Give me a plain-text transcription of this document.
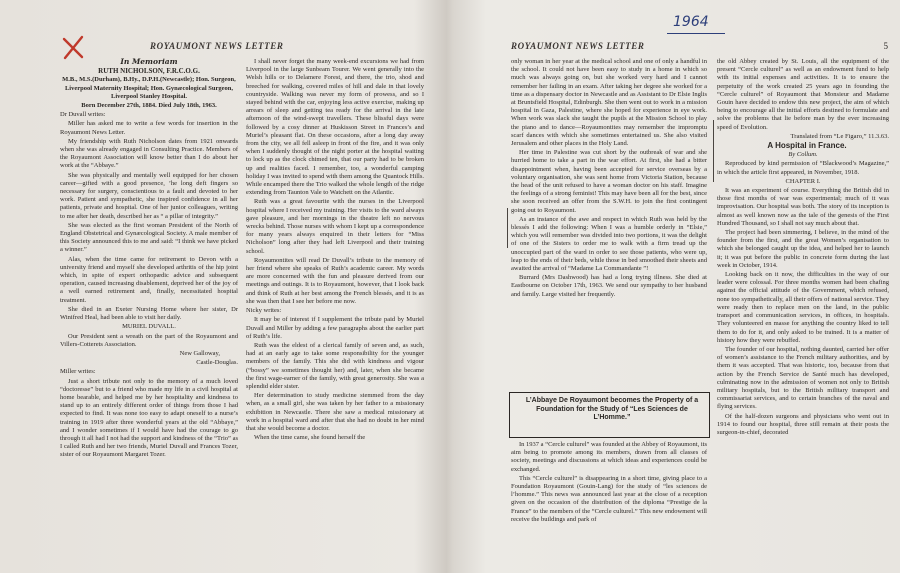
ROYAUMONT NEWS LETTER

In Memoriam

RUTH NICHOLSON, F.R.C.O.G.

M.B., M.S.(Durham), B.Hy., D.P.H.(Newcastle); Hon. Surgeon, Liverpool Maternity Hospital; Hon. Gynæcological Surgeon, Liverpool Stanley Hospital.

Born December 27th, 1884. Died July 18th, 1963.

Dr Duvall writes:

Miller has asked me to write a few words for insertion in the Royaumont News Letter.

My friendship with Ruth Nicholson dates from 1921 onwards when she was already engaged in Consulting Practice. Members of the Royaumont Association will know better than I do about her work at the “Abbaye.”

She was physically and mentally well equipped for her chosen career—gifted with a good presence, ’he long deft fingers so necessary for surgery, conscientious to a fault and devoted to her work. Patient and sympathetic, she inspired confidence in all her patients, private and hospital. One of her junior colleagues, writing to me after her death, described her as “ a pillar of integrity.”

She was elected as the first woman President of the North of England Obstetrical and Gynæcological Society. A male member of this Society announced this to me and said: “I think we have picked a winner.”

Alas, when the time came for retirement to Devon with a university friend and myself she developed arthritis of the hip joint which, in spite of expert orthopædic advice and subsequent operation, caused increasing disablement, deprived her of the joy of a well earned retirement and, finally, necessitated hospital treatment.

She died in an Exeter Nursing Home where her sister, Dr Winifred Heal, had been able to visit her daily.

MURIEL DUVALL.

Our President sent a wreath on the part of the Royaumont and Villers-Cotterets Association.

New Galloway,

Castle-Douglas.

Miller writes:

Just a short tribute not only to the memory of a much loved “doctoresse” but to a friend who made my life in a civil hospital at home bearable, and helped me by her hospitality and kindness to stand up to an entirely different order of things from those I had expected to find. It was none too easy to adapt oneself to a nurse’s training in 1919 after three wonderful years at the old “Abbaye,” and I wonder sometimes if I would have had the courage to go through it all had I not had the support and kindness of the “Trio” as I called Ruth and her two friends, Muriel Duvall and Frances Tozer, sister of our Royaumont Margaret Tozer.

I shall never forget the many week-end excursions we had from Liverpool in the large Sunbeam Tourer. We went generally into the Welsh hills or to Delamere Forest, and there, the trio, shod and breeched for walking, covered miles of hill and dale in that lovely countryside. Walking was never my form of prowess, and so I stayed behind with the car, enjoying less active exercise, making up arrears of sleep and getting tea ready for the arrival in the late afternoon of the wind-swept travellers. These blissful days were followed by a cosy dinner at Huskisson Street in Frances’s and Muriel’s pleasant flat. On these occasions, after a long day away from the city, we all fell asleep in front of the fire, and it was only when I suddenly thought of the night porter at the hospital waiting to lock up as the clock chimed ten, that our party had to be broken up and realities faced. I remember, too, a wonderful camping holiday I was invited to spend with them among the Quantock Hills. While encamped there the Trio walked the whole length of the ridge extending from Taunton Vale to Watchett on the Atlantic.

Ruth was a great favourite with the nurses in the Liverpool hospital where I received my training. Her visits to the ward always gave pleasure, and her mornings in the theatre left no nervous wrecks behind. Those nurses with whom I kept up a correspondence for many years always enquired in their letters for “Miss Nicholson” long after they had left Liverpool and their training school.

Royaumontites will read Dr Duvall’s tribute to the memory of her friend where she speaks of Ruth’s academic career. My words are more concerned with the fun and pleasure derived from our meetings and outings. It is to Royaumont, however, that I look back and think of Ruth at her best among the French blessés, and it is as she was then that I see her before me now.

Nicky writes:

It may be of interest if I supplement the tribute paid by Muriel Duvall and Miller by adding a few paragraphs about the earlier part of Ruth’s life.

Ruth was the eldest of a clerical family of seven and, as such, had at an early age to take some responsibility for the younger members of the family. This she did with kindness and vigour (“bossy” we sometimes thought her) and, later, when she became the first wage-earner of the family, with great generosity. She was a splendid elder sister.

Her determination to study medicine stemmed from the day when, as a small girl, she was taken by her father to a missionary exhibition in Newcastle. There she saw a medical missionary at work in a hospital ward and after that she had no doubt in her mind that she would become a doctor.

When the time came, she found herself the

1964
ROYAUMONT NEWS LETTER	5

only woman in her year at the medical school and one of only a handful in the school. It could not have been easy to study in a home in which so much was always going on, but she worked very hard and I cannot remember her failing in an exam. After taking her degree she worked for a time as a dispensary doctor in Newcastle and as Assistant to Dr Elsie Inglis at Bruntsfield Hospital, Edinburgh. She then went out to work in a mission hospital in Gaza, Palestine, where she hoped for experience in eye work. When work was slack she taught the pupils at the Mission School to play the piano and to dance—Royaumontites may remember the impromptu scarf dances with which she sometimes entertained us. She also visited Jerusalem and other places in the Holy Land.

Her time in Palestine was cut short by the outbreak of war and she hurried home to take a part in the war effort. At first, she had a bitter disappointment when, having been accepted for service overseas by a voluntary organisation, she was sent home from Victoria Station, because the head of the unit refused to have a woman doctor on his staff. Imagine the feelings of a strong feminist! This may have been all for the best, since she soon received an offer from the S.W.H. to join the first contingent going out to Royaumont.

As an instance of the awe and respect in which Ruth was held by the blessés I add the following: When I was a humble orderly in “Elsie,” which you will remember was divided into two portions, it was the delight of one of the Sisters to order me to walk with a firm tread up the unoccupied part of the ward in order to see those patients, who were up, leap to the ends of their beds, while those in bed smoothed their sheets and awaited the arrival of “Madame La Commandante ”!

Burrard (Mrs Dashwood) has had a long trying illness. She died at Eastbourne on October 17th, 1963. We send our sympathy to her husband and family. Large visited her frequently.

L’Abbaye De Royaumont becomes the Property of a Foundation for the Study of “Les Sciences de L’Homme.”

In 1937 a “Cercle culturel” was founded at the Abbey of Royaumont, its aim being to promote among its members, drawn from all classes of society, meetings and discussions at which ideas and experiences could be exchanged.

This “Cercle culturel” is disappearing in a short time, giving place to a Foundation Royaumont (Gouin-Lang) for the study of “les sciences de l’homme.” This news was announced last year at the close of a reception given on the occasion of the distribution of the diploma “Prestige de la France” to the members of the “Cercle culturel.” This new endowment will receive the buildings and park of

the old Abbey created by St. Louis, all the equipment of the present “Cercle culturel” as well as an endowment fund to help with its initial expenses and activities. It is to ensure the perpetuity of the work created 25 years ago in founding the “Cercle culturel” of Royaumont that Monsieur and Madame Gouin have decided to endow this new project, the aim of which being to encourage all the initial efforts destined to formulate and solve the problems that lie before man by the ever increasing speed of Evolution.

Translated from “Le Figaro,” 11.3.63.

A Hospital in France.

By Collum.

Reproduced by kind permission of “Blackwood’s Magazine,” in which the article first appeared, in November, 1918.

CHAPTER I.

It was an experiment of course. Everything the British did in those first months of war was experimental; much of it was improvisation. Our hospital was both. The story of its inception is almost as well known now as the tale of the genesis of the First Hundred Thousand, so I shall not say much about that.

The project had been simmering, I believe, in the mind of the founder from the first, and the great Women’s organisation to which she belonged caught up the idea, and helped her to launch it; it was put before the public in concrete form during the last week in October, 1914.

Looking back on it now, the difficulties in the way of our leader were colossal. For three months women had been chafing against the official attitude of the Government, which refused, none too sympathetically, all their offers of national service. They were ready then to replace men on the land, in the public transport and communication services, in offices, in hospitals. They volunteered en masse for anything the country liked to tell them to do for it, and only asked to be trained. It is a matter of history how they were rebuffed.

The founder of our hospital, nothing daunted, carried her offer of women’s assistance to the French military authorities, and by them it was accepted. That was historic, too, because from that action by the French Service de Santé much has developed, culminating now in the admission of women not only to British military hospitals, but to the British military transport and commissariat services, and to certain branches of the naval and flying services.

Of the half-dozen surgeons and physicians who went out in 1914 to found our hospital, three still remain at their posts the surgeon-in-chief, decorated
